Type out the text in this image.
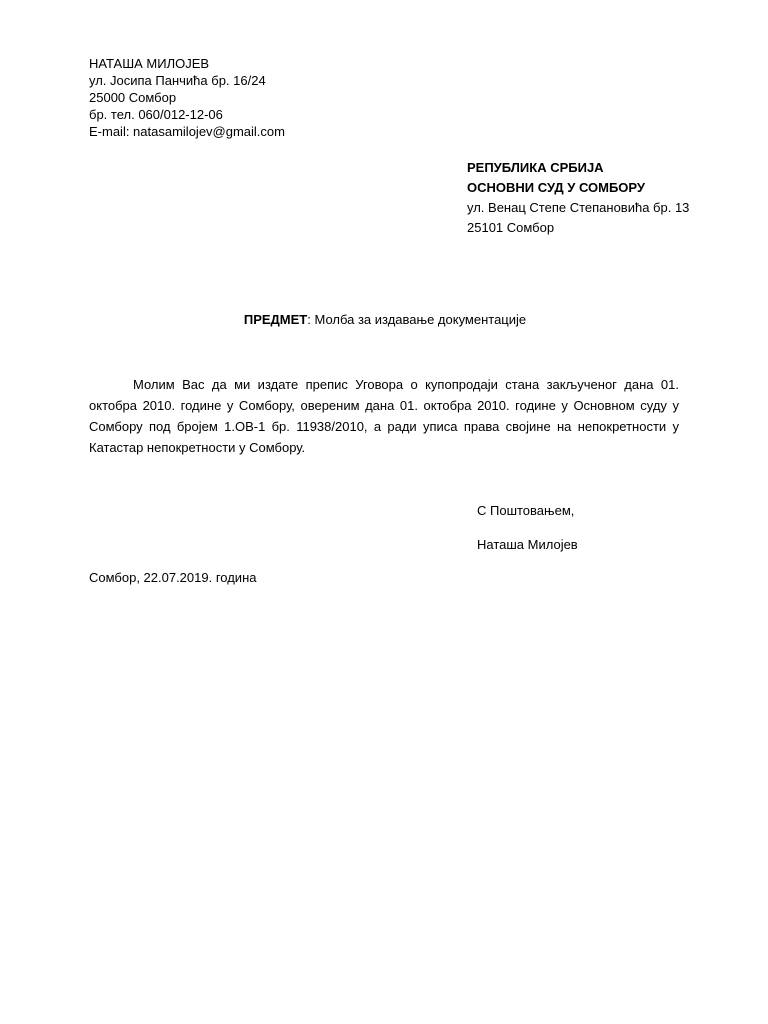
НАТАША МИЛОЈЕВ
ул. Јосипа Панчића бр. 16/24
25000 Сомбор
бр. тел. 060/012-12-06
E-mail: natasamilojev@gmail.com
РЕПУБЛИКА СРБИЈА
ОСНОВНИ СУД У СОМБОРУ
ул. Венац Степе Степановића бр. 13
25101 Сомбор
ПРЕДМЕТ: Молба за издавање документације
Молим Вас да ми издате препис Уговора о купопродаји стана закљученог дана 01. октобра 2010. године у Сомбору, овереним дана 01. октобра 2010. године у Основном суду у Сомбору под бројем 1.ОВ-1 бр. 11938/2010, а ради уписа права својине на непокретности у Катастар непокретности у Сомбору.
С Поштовањем,
Наташа Милојев
Сомбор, 22.07.2019. година
